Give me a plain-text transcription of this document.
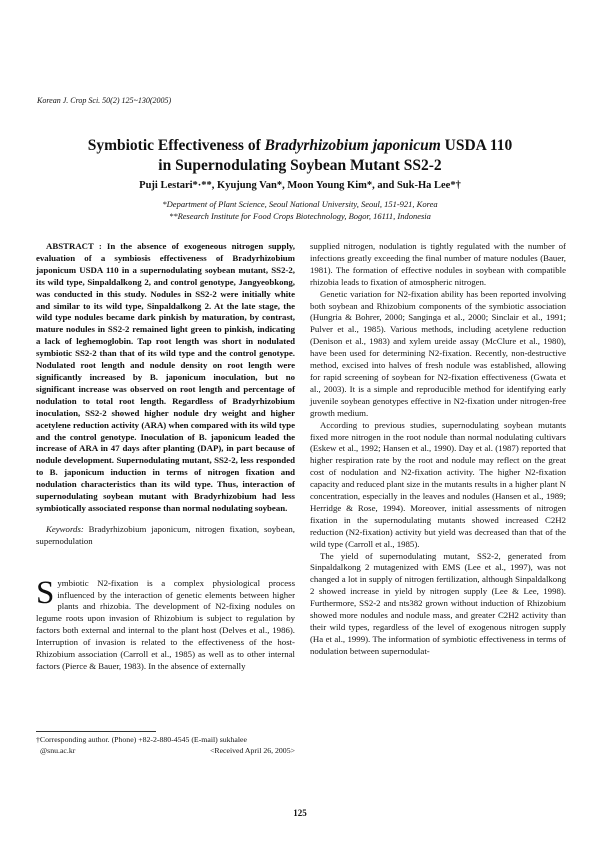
Korean J. Crop Sci. 50(2) 125~130(2005)
Symbiotic Effectiveness of Bradyrhizobium japonicum USDA 110
in Supernodulating Soybean Mutant SS2-2
Puji Lestari*·**, Kyujung Van*, Moon Young Kim*, and Suk-Ha Lee*†
*Department of Plant Science, Seoul National University, Seoul, 151-921, Korea
**Research Institute for Food Crops Biotechnology, Bogor, 16111, Indonesia

ABSTRACT : In the absence of exogeneous nitrogen supply, evaluation of a symbiosis effectiveness of Bradyrhizobium japonicum USDA 110 in a supernodulating soybean mutant, SS2-2, its wild type, Sinpaldalkong 2, and control genotype, Jangyeobkong, was conducted in this study. Nodules in SS2-2 were initially white and similar to its wild type, Sinpaldalkong 2. At the late stage, the wild type nodules became dark pinkish by maturation, by contrast, mature nodules in SS2-2 remained light green to pinkish, indicating a lack of leghemoglobin. Tap root length was short in nodulated symbiotic SS2-2 than that of its wild type and the control genotype. Nodulated root length and nodule density on root length were significantly increased by B. japonicum inoculation, but no significant increase was observed on root length and percentage of nodulation to total root length. Regardless of Bradyrhizobium inoculation, SS2-2 showed higher nodule dry weight and higher acetylene reduction activity (ARA) when compared with its wild type and the control genotype. Inoculation of B. japonicum leaded the increase of ARA in 47 days after planting (DAP), in part because of nodule development. Supernodulating mutant, SS2-2, less responded to B. japonicum induction in terms of nitrogen fixation and nodulation characteristics than its wild type. Thus, interaction of supernodulating soybean mutant with Bradyrhizobium had less symbiotically associated response than normal nodulating soybean.

Keywords: Bradyrhizobium japonicum, nitrogen fixation, soybean, supernodulation
S ymbiotic N2-fixation is a complex physiological process influenced by the interaction of genetic elements between higher plants and rhizobia. The development of N2-fixing nodules on legume roots upon invasion of Rhizobium is subject to regulation by factors both external and internal to the plant host (Delves et al., 1986). Interruption of invasion is related to the effectiveness of the host-Rhizobium association (Carroll et al., 1985) as well as to other internal factors (Pierce & Bauer, 1983). In the absence of externally

supplied nitrogen, nodulation is tightly regulated with the number of infections greatly exceeding the final number of mature nodules (Bauer, 1981). The formation of effective nodules in soybean with compatible rhizobia leads to fixation of atmospheric nitrogen.

Genetic variation for N2-fixation ability has been reported involving both soybean and Rhizobium components of the symbiotic association (Hungria & Bohrer, 2000; Sanginga et al., 2000; Sinclair et al., 1991; Pulver et al., 1985). Various methods, including acetylene reduction (Denison et al., 1983) and xylem ureide assay (McClure et al., 1980), have been used for determining N2-fixation. Recently, non-destructive method, excised into halves of fresh nodule was established, allowing for rapid screening of soybean for N2-fixation effectiveness (Gwata et al., 2003). It is a simple and reproducible method for identifying early juvenile soybean genotypes effective in N2-fixation under nitrogen-free growth medium.

According to previous studies, supernodulating soybean mutants fixed more nitrogen in the root nodule than normal nodulating cultivars (Eskew et al., 1992; Hansen et al., 1990). Day et al. (1987) reported that higher respiration rate by the root and nodule may reflect on the great cost of nodulation and N2-fixation activity. The higher N2-fixation capacity and reduced plant size in the mutants results in a higher plant N concentration, especially in the leaves and nodules (Hansen et al., 1989; Herridge & Rose, 1994). Moreover, initial assessments of nitrogen fixation in the supernodulating mutants showed increased C2H2 reduction (N2-fixation) activity but yield was decreased than that of the wild type (Carroll et al., 1985).

The yield of supernodulating mutant, SS2-2, generated from Sinpaldalkong 2 mutagenized with EMS (Lee et al., 1997), was not changed a lot in supply of nitrogen fertilization, although Sinpaldalkong 2 showed increase in yield by nitrogen supply (Lee & Lee, 1998). Furthermore, SS2-2 and nts382 grown without induction of Rhizobium showed more nodules and nodule mass, and greater C2H2 activity than their wild types, regardless of the level of exogenous nitrogen supply (Ha et al., 1999). The information of symbiotic effectiveness in terms of nodulation between supernodulat-

†Corresponding author. (Phone) +82-2-880-4545 (E-mail) sukhalee
@snu.ac.kr	<Received April 26, 2005>
125
